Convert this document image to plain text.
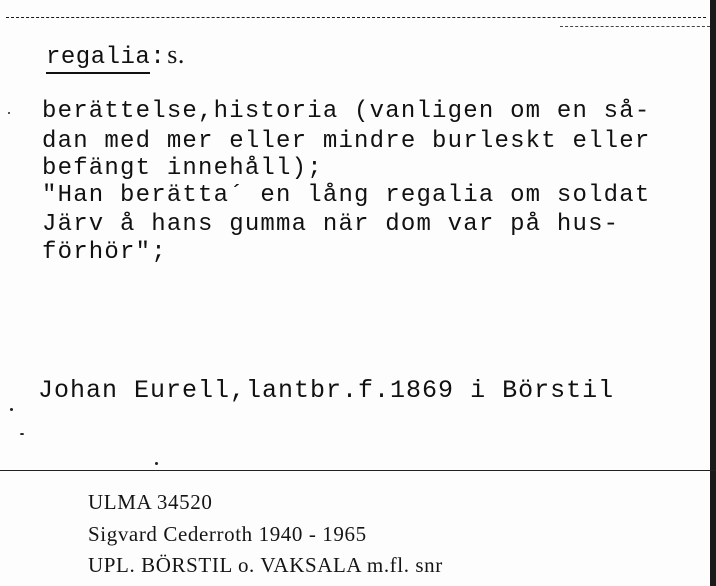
regalia:s.
berättelse,historia (vanligen om en så-
dan med mer eller mindre burleskt eller
befängt innehåll);
"Han berätta´ en lång regalia om soldat
Järv å hans gumma när dom var på hus-
förhör";
Johan Eurell,lantbr.f.1869 i Börstil
ULMA 34520
Sigvard Cederroth 1940 - 1965
UPL. BÖRSTIL o. VAKSALA m.fl. snr
